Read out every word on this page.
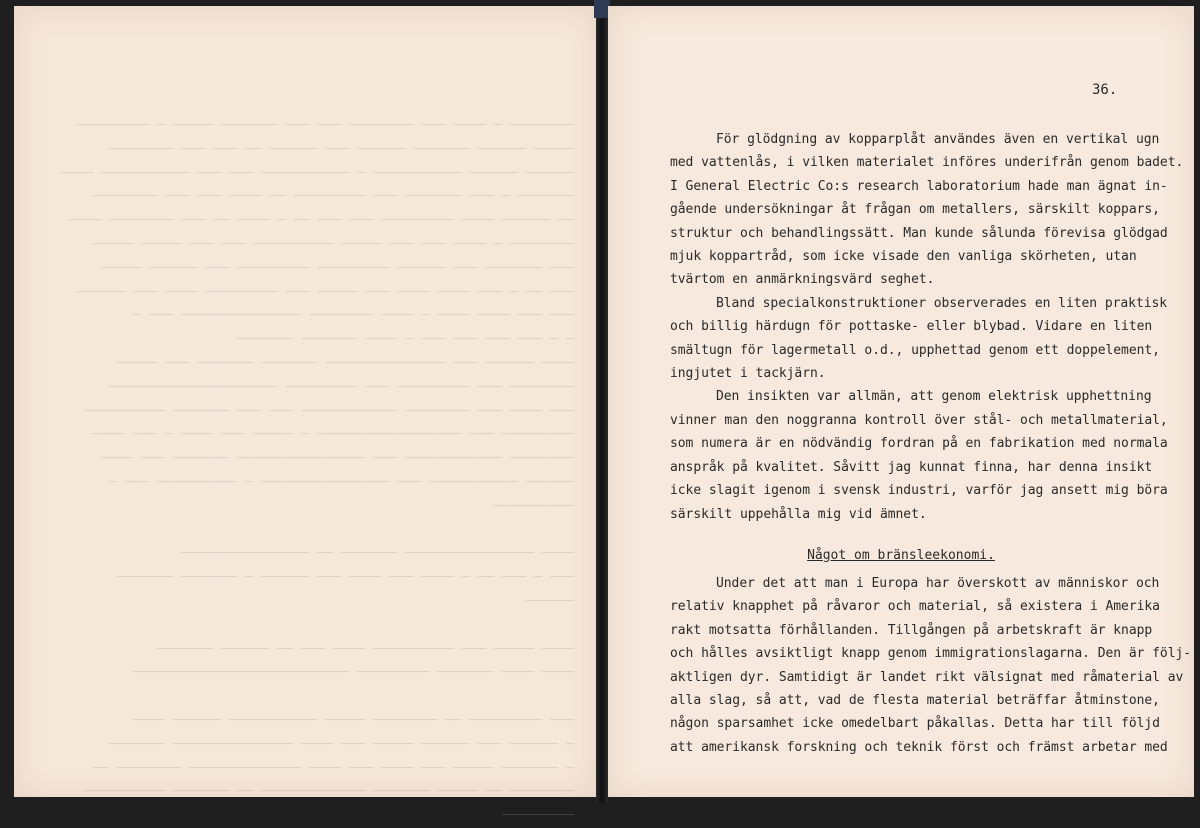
──────── ─ ──── ─── ──────── ─── ─── ─────── ───── ─ ─────────
───── ────── ─────── ────── ─── ────── ── ─── ─── ────────
────── ────── ─────────── ─ ─────────── ─── ─── ─────────── ────
─────── ─ ─── ─────── ─── ───────── ── ──── ─── ─── ────────
── ────── ──── ───────── ─── ─── ── ─ ──── ── ─── ──────── ────
──────── ─ ──── ─── ─── ───── ────────── ─── ─── ───── ─────
─── ─────── ─── ────── ───────── ───────── ─── ────── ─────
─── ── ─ ─── ──── ──── ─── ───── ─── ───────── ──── ─── ──────
─── ─── ──── ──── ─ ──── ──────── ─────────────── ─── ─
─ ─ ─── ─── ─── ─── ─ ──── ─────── ───────
──── ────── ─── ─────────────── ─────── ─────── ─── ─────
──────── ─── ───────── ─── ───────── ─────────────────────
─── ──── ─── ──────── ──────────── ─── ─── ─────── ──────────
───────── ─── ────────────────── ─ ───── ─── ──── ─ ─── ────
──────── ──────────── ─── ──────────────── ─────── ─── ────
────── ─────────── ─── ──────────────── ─ ────────── ─── ─
──────────

──── ──────────────── ─────── ── ────────────────
─── ─ ─── ── ─ ──── ─── ──── ─── ────── ─ ─────── ───────
──────

──── ───── ─── ────────── ──── ─── ── ────── ───────
──── ──── ─────── ───────── ───────────────────────────

─── ───────── ── ──────── ───── ─────────── ────── ────
─ ────── ─── ────── ───── ─── ──── ─────────────── ───────
─ ─────── ───── ─── ──── ─── ──── ────────────── ──────── ──
──────── ── ───── ─────── ───────────── ── ─────── ──────────
─────────
36.
För glödgning av kopparplåt användes även en vertikal ugn
med vattenlås, i vilken materialet införes underifrån genom badet.
I General Electric Co:s research laboratorium hade man ägnat in-
gående undersökningar åt frågan om metallers, särskilt koppars,
struktur och behandlingssätt. Man kunde sålunda förevisa glödgad
mjuk koppartråd, som icke visade den vanliga skörheten, utan
tvärtom en anmärkningsvärd seghet.
Bland specialkonstruktioner observerades en liten praktisk
och billig härdugn för pottaske- eller blybad. Vidare en liten
smältugn för lagermetall o.d., upphettad genom ett doppelement,
ingjutet i tackjärn.
Den insikten var allmän, att genom elektrisk upphettning
vinner man den noggranna kontroll över stål- och metallmaterial,
som numera är en nödvändig fordran på en fabrikation med normala
anspråk på kvalitet. Såvitt jag kunnat finna, har denna insikt
icke slagit igenom i svensk industri, varför jag ansett mig böra
särskilt uppehålla mig vid ämnet.
Något om bränsleekonomi.
Under det att man i Europa har överskott av människor och
relativ knapphet på råvaror och material, så existera i Amerika
rakt motsatta förhållanden. Tillgången på arbetskraft är knapp
och hålles avsiktligt knapp genom immigrationslagarna. Den är följ-
aktligen dyr. Samtidigt är landet rikt välsignat med råmaterial av
alla slag, så att, vad de flesta material beträffar åtminstone,
någon sparsamhet icke omedelbart påkallas. Detta har till följd
att amerikansk forskning och teknik först och främst arbetar med
